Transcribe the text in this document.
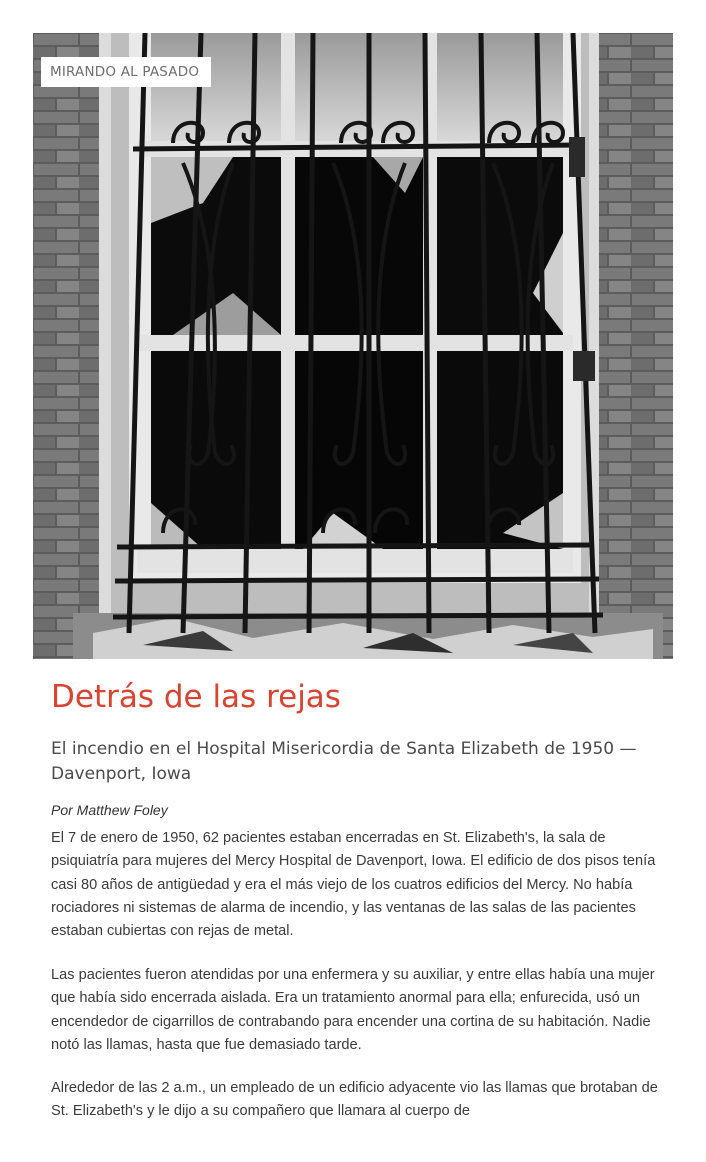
MIRANDO AL PASADO
Detrás de las rejas
El incendio en el Hospital Misericordia de Santa Elizabeth de 1950 —Davenport, Iowa

Por Matthew Foley

El 7 de enero de 1950, 62 pacientes estaban encerradas en St. Elizabeth's, la sala de psiquiatría para mujeres del Mercy Hospital de Davenport, Iowa. El edificio de dos pisos tenía casi 80 años de antigüedad y era el más viejo de los cuatros edificios del Mercy. No había rociadores ni sistemas de alarma de incendio, y las ventanas de las salas de las pacientes estaban cubiertas con rejas de metal.

Las pacientes fueron atendidas por una enfermera y su auxiliar, y entre ellas había una mujer que había sido encerrada aislada. Era un tratamiento anormal para ella; enfurecida, usó un encendedor de cigarrillos de contrabando para encender una cortina de su habitación. Nadie notó las llamas, hasta que fue demasiado tarde.

Alrededor de las 2 a.m., un empleado de un edificio adyacente vio las llamas que brotaban de St. Elizabeth's y le dijo a su compañero que llamara al cuerpo de
